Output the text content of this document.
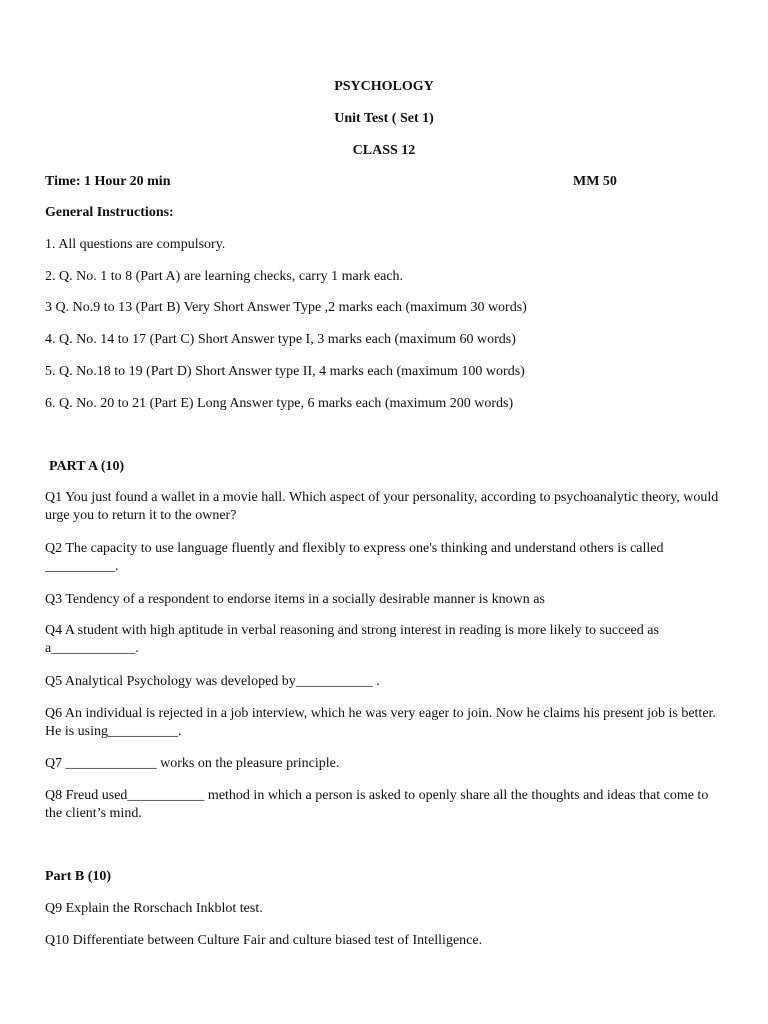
PSYCHOLOGY
Unit Test ( Set 1)
CLASS 12
Time: 1 Hour 20 min	MM 50
General Instructions:
1. All questions are compulsory.
2. Q. No. 1 to 8 (Part A) are learning checks, carry 1 mark each.
3 Q. No.9 to 13 (Part B) Very Short Answer Type ,2 marks each (maximum 30 words)
4. Q. No. 14 to 17 (Part C) Short Answer type I, 3 marks each (maximum 60 words)
5. Q. No.18 to 19 (Part D) Short Answer type II, 4 marks each (maximum 100 words)
6. Q. No. 20 to 21 (Part E) Long Answer type, 6 marks each (maximum 200 words)
PART A (10)
Q1 You just found a wallet in a movie hall. Which aspect of your personality, according to psychoanalytic theory, would urge you to return it to the owner?
Q2 The capacity to use language fluently and flexibly to express one's thinking and understand others is called __________.
Q3 Tendency of a respondent to endorse items in a socially desirable manner is known as
Q4 A student with high aptitude in verbal reasoning and strong interest in reading is more likely to succeed as a____________.
Q5 Analytical Psychology was developed by___________ .
Q6 An individual is rejected in a job interview, which he was very eager to join. Now he claims his present job is better. He is using__________.
Q7 _____________ works on the pleasure principle.
Q8 Freud used___________ method in which a person is asked to openly share all the thoughts and ideas that come to the client’s mind.
Part B (10)
Q9 Explain the Rorschach Inkblot test.
Q10 Differentiate between Culture Fair and culture biased test of Intelligence.
